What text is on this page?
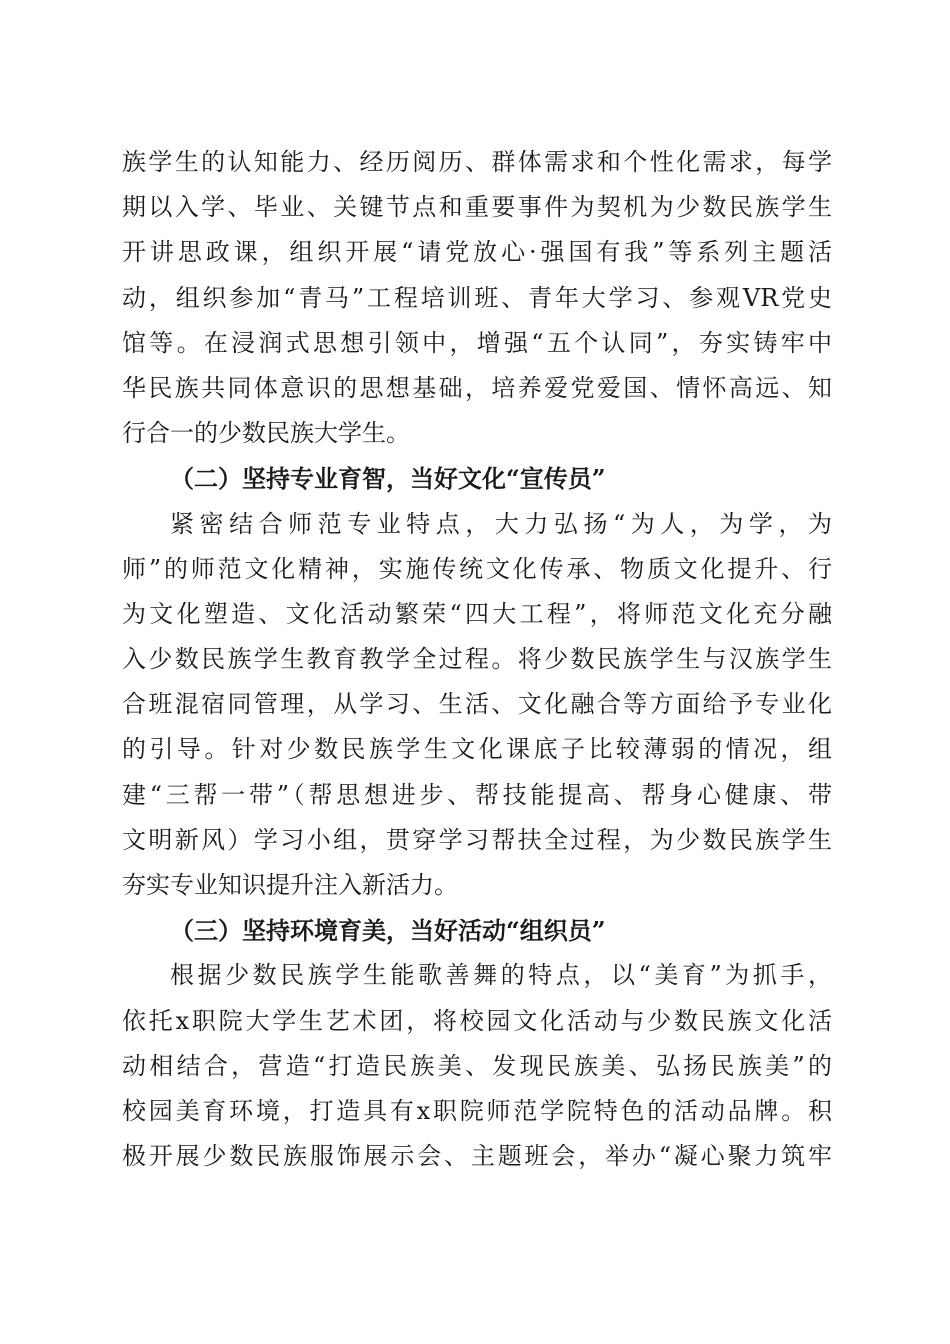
族学生的认知能力、经历阅历、群体需求和个性化需求，每学
期以入学、毕业、关键节点和重要事件为契机为少数民族学生
开讲思政课，组织开展“请党放心·强国有我”等系列主题活
动，组织参加“青马”工程培训班、青年大学习、参观VR党史
馆等。在浸润式思想引领中，增强“五个认同”，夯实铸牢中
华民族共同体意识的思想基础，培养爱党爱国、情怀高远、知
行合一的少数民族大学生。
（二）坚持专业育智，当好文化“宣传员”
紧密结合师范专业特点，大力弘扬“为人，为学，为
师”的师范文化精神，实施传统文化传承、物质文化提升、行
为文化塑造、文化活动繁荣“四大工程”，将师范文化充分融
入少数民族学生教育教学全过程。将少数民族学生与汉族学生
合班混宿同管理，从学习、生活、文化融合等方面给予专业化
的引导。针对少数民族学生文化课底子比较薄弱的情况，组
建“三帮一带”（帮思想进步、帮技能提高、帮身心健康、带
文明新风）学习小组，贯穿学习帮扶全过程，为少数民族学生
夯实专业知识提升注入新活力。
（三）坚持环境育美，当好活动“组织员”
根据少数民族学生能歌善舞的特点，以“美育”为抓手，
依托x职院大学生艺术团，将校园文化活动与少数民族文化活
动相结合，营造“打造民族美、发现民族美、弘扬民族美”的
校园美育环境，打造具有x职院师范学院特色的活动品牌。积
极开展少数民族服饰展示会、主题班会，举办“凝心聚力筑牢
